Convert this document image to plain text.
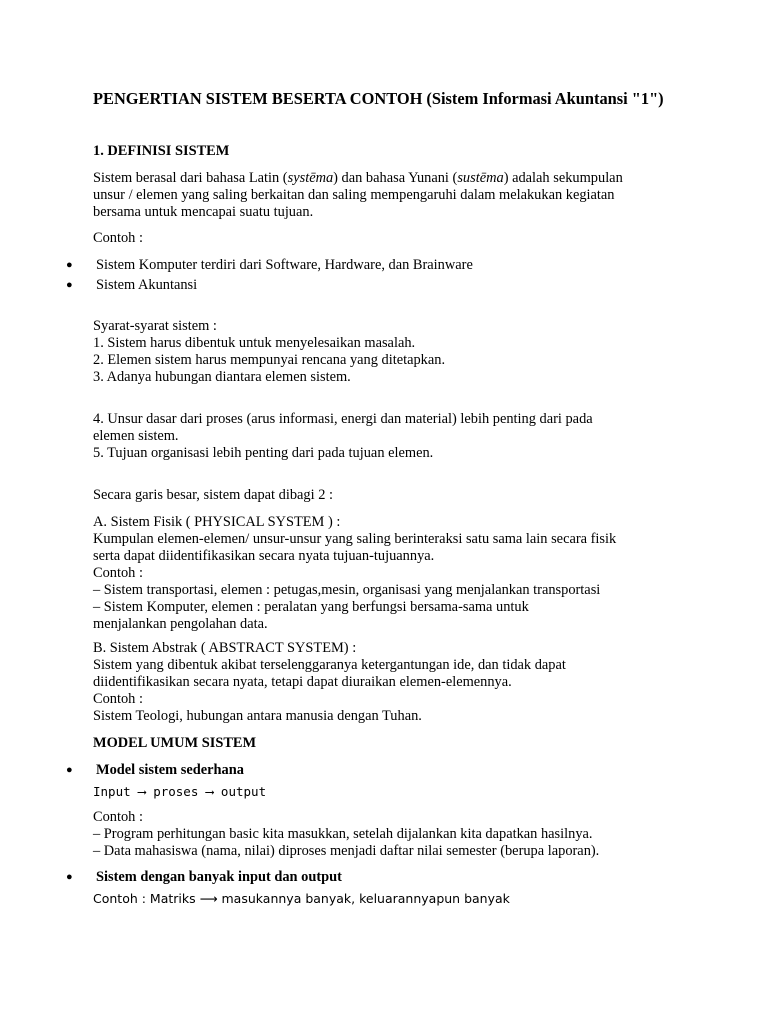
PENGERTIAN SISTEM BESERTA CONTOH (Sistem Informasi Akuntansi "1")
1. DEFINISI SISTEM
Sistem berasal dari bahasa Latin (systēma) dan bahasa Yunani (sustēma) adalah sekumpulan
unsur / elemen yang saling berkaitan dan saling mempengaruhi dalam melakukan kegiatan
bersama untuk mencapai suatu tujuan.
Contoh :
● Sistem Komputer terdiri dari Software, Hardware, dan Brainware
● Sistem Akuntansi
Syarat-syarat sistem :
1. Sistem harus dibentuk untuk menyelesaikan masalah.
2. Elemen sistem harus mempunyai rencana yang ditetapkan.
3. Adanya hubungan diantara elemen sistem.
4. Unsur dasar dari proses (arus informasi, energi dan material) lebih penting dari pada
elemen sistem.
5. Tujuan organisasi lebih penting dari pada tujuan elemen.
Secara garis besar, sistem dapat dibagi 2 :
A. Sistem Fisik ( PHYSICAL SYSTEM ) :
Kumpulan elemen-elemen/ unsur-unsur yang saling berinteraksi satu sama lain secara fisik
serta dapat diidentifikasikan secara nyata tujuan-tujuannya.
Contoh :
– Sistem transportasi, elemen : petugas,mesin, organisasi yang menjalankan transportasi
– Sistem Komputer, elemen : peralatan yang berfungsi bersama-sama untuk
menjalankan pengolahan data.
B. Sistem Abstrak ( ABSTRACT SYSTEM) :
Sistem yang dibentuk akibat terselenggaranya ketergantungan ide, dan tidak dapat
diidentifikasikan secara nyata, tetapi dapat diuraikan elemen-elemennya.
Contoh :
Sistem Teologi, hubungan antara manusia dengan Tuhan.
MODEL UMUM SISTEM
● Model sistem sederhana
Input ⟶ proses ⟶ output
Contoh :
– Program perhitungan basic kita masukkan, setelah dijalankan kita dapatkan hasilnya.
– Data mahasiswa (nama, nilai) diproses menjadi daftar nilai semester (berupa laporan).
● Sistem dengan banyak input dan output
Contoh : Matriks ⟶ masukannya banyak, keluarannyapun banyak
